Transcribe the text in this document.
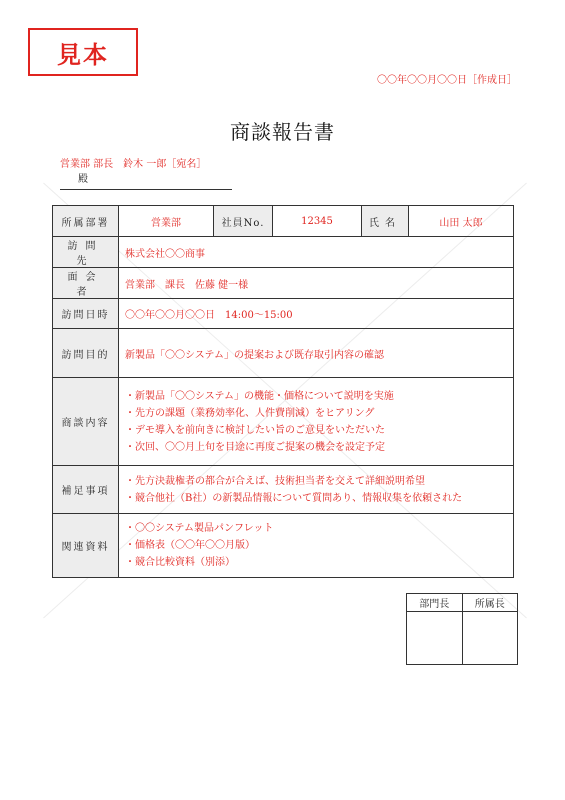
見本
〇〇年〇〇月〇〇日［作成日］
商談報告書
営業部 部長　鈴木 一郎［宛名］殿
所属部署	営業部	社員No.	12345	氏名	山田 太郎
訪問先	株式会社〇〇商事				
面会者	営業部　課長　佐藤 健一様				
訪問日時	〇〇年〇〇月〇〇日　14:00～15:00				
訪問目的	新製品「〇〇システム」の提案および既存取引内容の確認				
商談内容	・新製品「〇〇システム」の機能・価格について説明を実施
・先方の課題（業務効率化、人件費削減）をヒアリング
・デモ導入を前向きに検討したい旨のご意見をいただいた
・次回、〇〇月上旬を目途に再度ご提案の機会を設定予定				

補足事項	・先方決裁権者の都合が合えば、技術担当者を交えて詳細説明希望
・競合他社（B社）の新製品情報について質問あり、情報収集を依頼された				

関連資料	・〇〇システム製品パンフレット
・価格表（〇〇年〇〇月版）
・競合比較資料（別添）				
部門長	所属長
